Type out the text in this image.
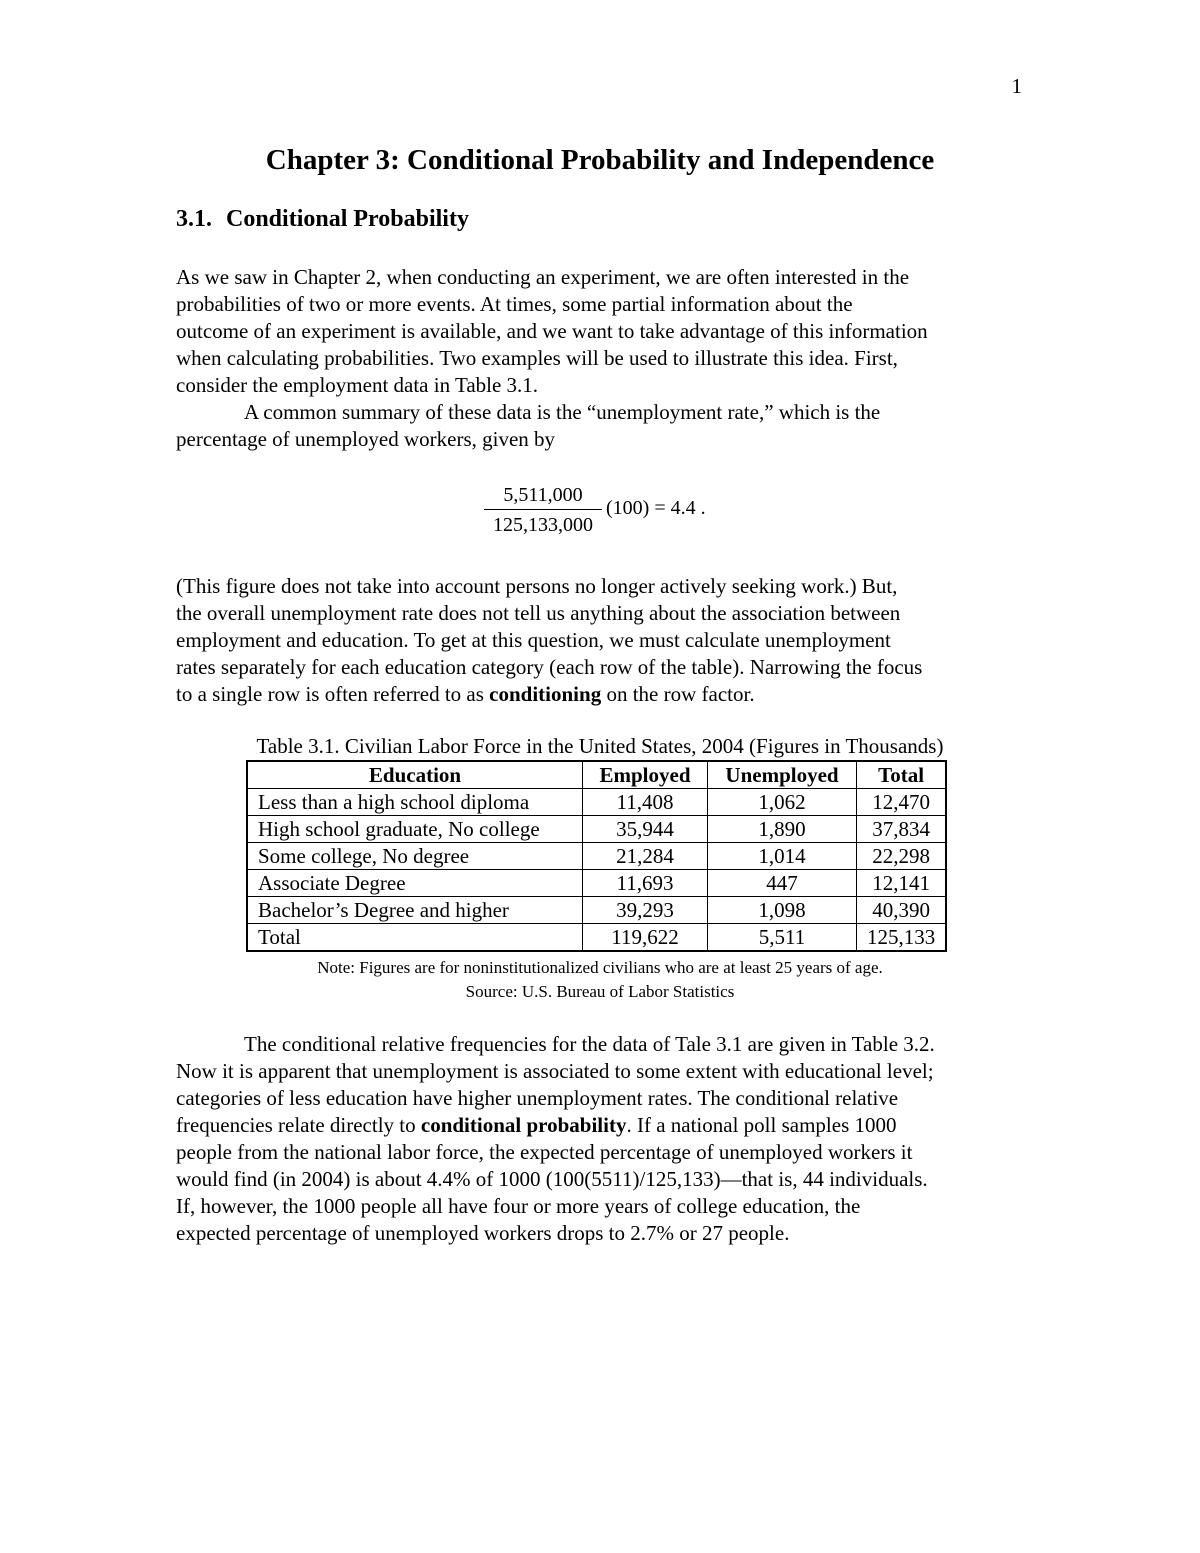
1
Chapter 3: Conditional Probability and Independence
3.1. Conditional Probability
As we saw in Chapter 2, when conducting an experiment, we are often interested in the
probabilities of two or more events. At times, some partial information about the
outcome of an experiment is available, and we want to take advantage of this information
when calculating probabilities. Two examples will be used to illustrate this idea. First,
consider the employment data in Table 3.1.
A common summary of these data is the “unemployment rate,” which is the
percentage of unemployed workers, given by
5,511,000
125,133,000
(100) = 4.4 .
(This figure does not take into account persons no longer actively seeking work.) But,
the overall unemployment rate does not tell us anything about the association between
employment and education. To get at this question, we must calculate unemployment
rates separately for each education category (each row of the table). Narrowing the focus
to a single row is often referred to as conditioning on the row factor.
Table 3.1. Civilian Labor Force in the United States, 2004 (Figures in Thousands)
Education	Employed	Unemployed	Total
Less than a high school diploma	11,408	1,062	12,470
High school graduate, No college	35,944	1,890	37,834
Some college, No degree	21,284	1,014	22,298
Associate Degree	11,693	447	12,141
Bachelor’s Degree and higher	39,293	1,098	40,390
Total	119,622	5,511	125,133
Note: Figures are for noninstitutionalized civilians who are at least 25 years of age.
Source: U.S. Bureau of Labor Statistics
The conditional relative frequencies for the data of Tale 3.1 are given in Table 3.2.
Now it is apparent that unemployment is associated to some extent with educational level;
categories of less education have higher unemployment rates. The conditional relative
frequencies relate directly to conditional probability. If a national poll samples 1000
people from the national labor force, the expected percentage of unemployed workers it
would find (in 2004) is about 4.4% of 1000 (100(5511)/125,133)—that is, 44 individuals.
If, however, the 1000 people all have four or more years of college education, the
expected percentage of unemployed workers drops to 2.7% or 27 people.
